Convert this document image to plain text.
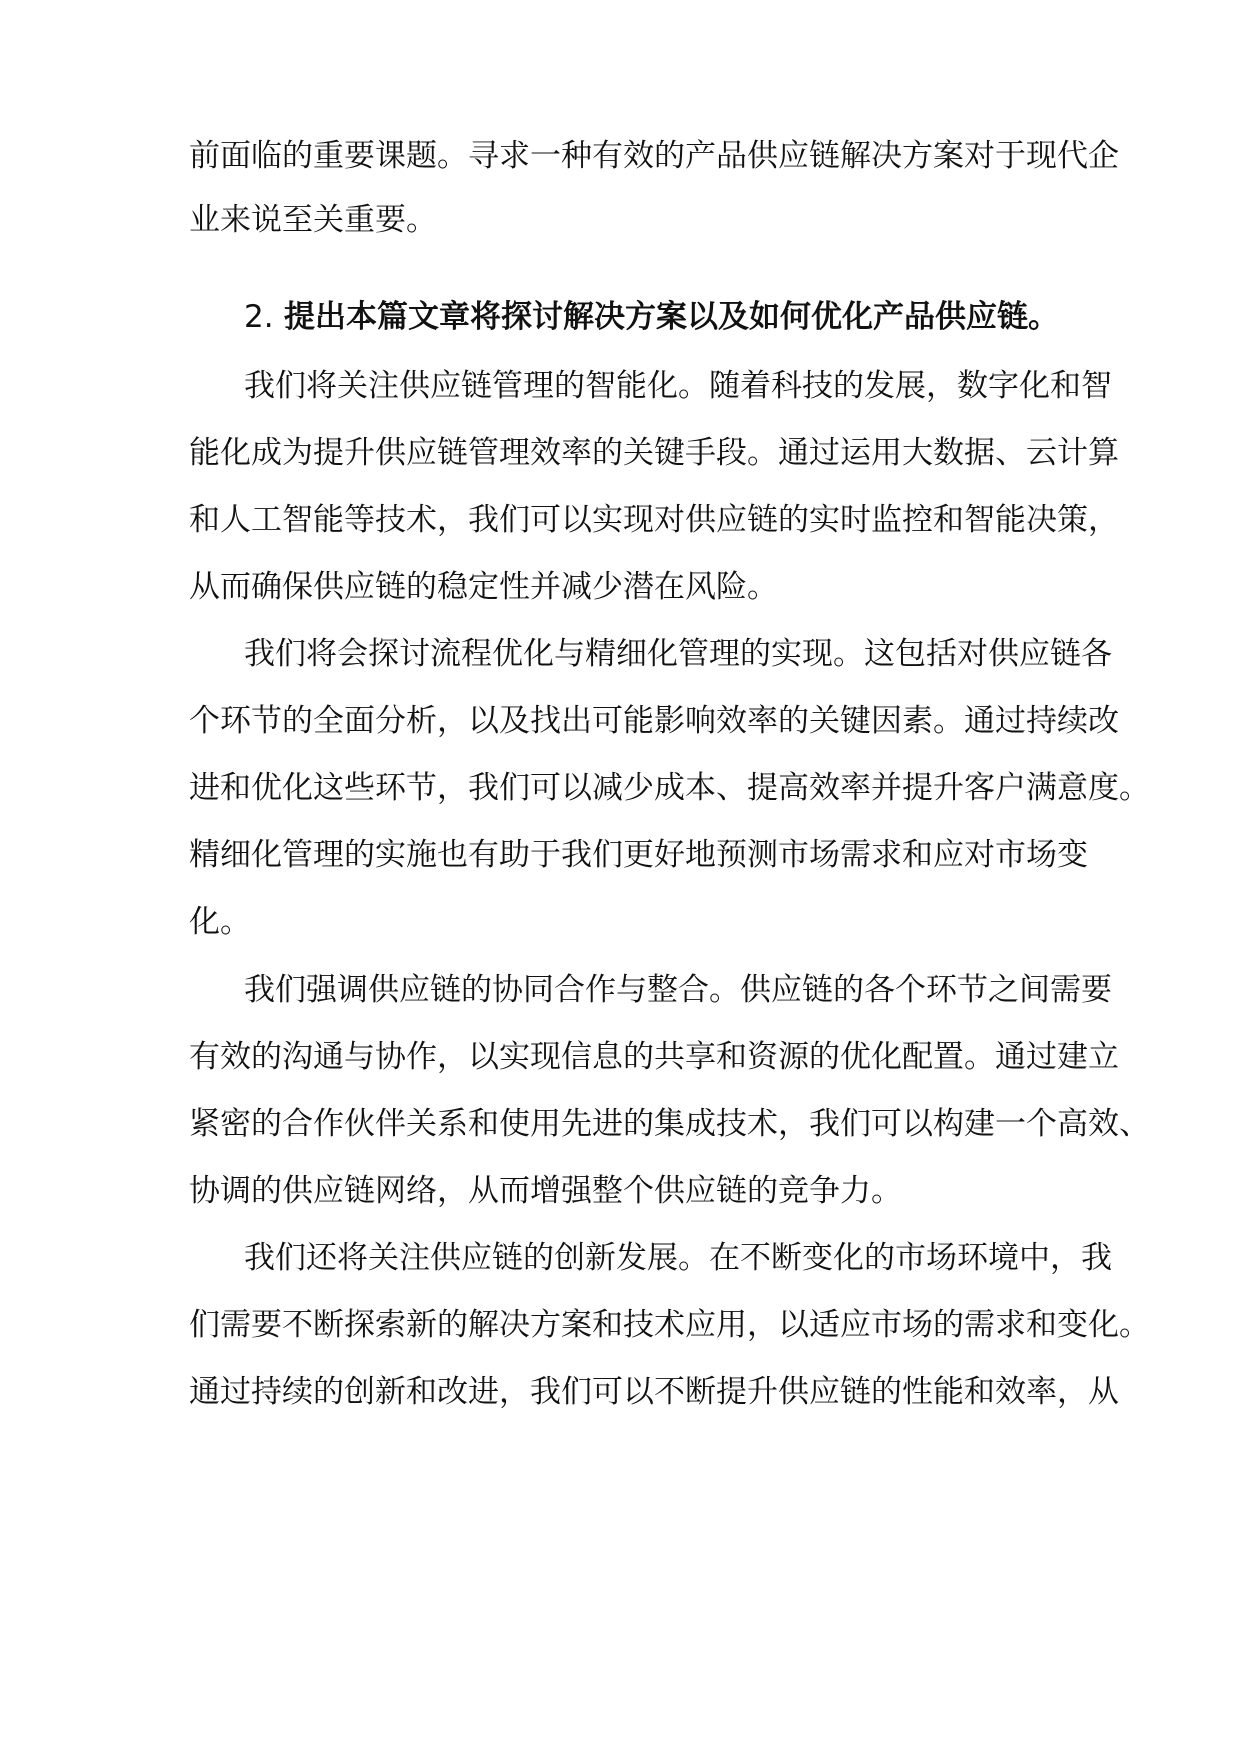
前面临的重要课题。寻求一种有效的产品供应链解决方案对于现代企
业来说至关重要。
2. 提出本篇文章将探讨解决方案以及如何优化产品供应链。
我们将关注供应链管理的智能化。随着科技的发展，数字化和智
能化成为提升供应链管理效率的关键手段。通过运用大数据、云计算
和人工智能等技术，我们可以实现对供应链的实时监控和智能决策，
从而确保供应链的稳定性并减少潜在风险。
我们将会探讨流程优化与精细化管理的实现。这包括对供应链各
个环节的全面分析，以及找出可能影响效率的关键因素。通过持续改
进和优化这些环节，我们可以减少成本、提高效率并提升客户满意度。
精细化管理的实施也有助于我们更好地预测市场需求和应对市场变
化。
我们强调供应链的协同合作与整合。供应链的各个环节之间需要
有效的沟通与协作，以实现信息的共享和资源的优化配置。通过建立
紧密的合作伙伴关系和使用先进的集成技术，我们可以构建一个高效、
协调的供应链网络，从而增强整个供应链的竞争力。
我们还将关注供应链的创新发展。在不断变化的市场环境中，我
们需要不断探索新的解决方案和技术应用，以适应市场的需求和变化。
通过持续的创新和改进，我们可以不断提升供应链的性能和效率，从
